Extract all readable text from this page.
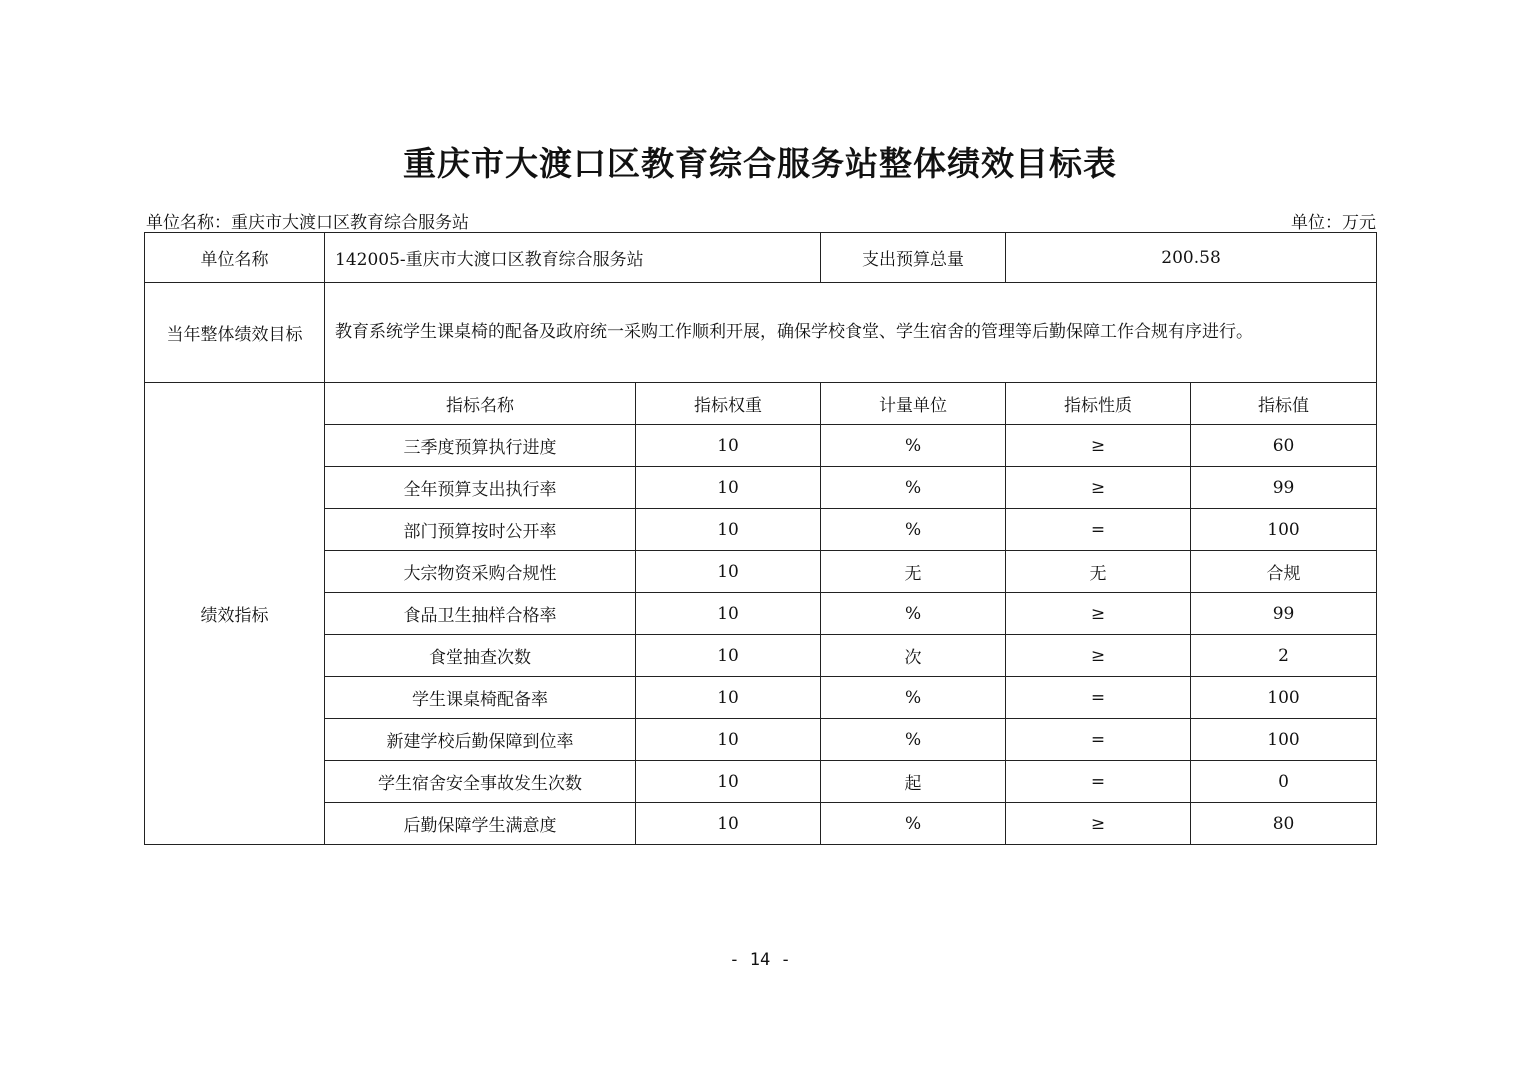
重庆市大渡口区教育综合服务站整体绩效目标表
单位名称：重庆市大渡口区教育综合服务站	单位：万元
单位名称	142005-重庆市大渡口区教育综合服务站		支出预算总量	200.58	
当年整体绩效目标	教育系统学生课桌椅的配备及政府统一采购工作顺利开展，确保学校食堂、学生宿舍的管理等后勤保障工作合规有序进行。				
绩效指标	指标名称	指标权重	计量单位	指标性质	指标值
	三季度预算执行进度	10	%	≥	60
	全年预算支出执行率	10	%	≥	99
	部门预算按时公开率	10	%	=	100
	大宗物资采购合规性	10	无	无	合规
	食品卫生抽样合格率	10	%	≥	99
	食堂抽查次数	10	次	≥	2
	学生课桌椅配备率	10	%	=	100
	新建学校后勤保障到位率	10	%	=	100
	学生宿舍安全事故发生次数	10	起	=	0
	后勤保障学生满意度	10	%	≥	80
- 14 -
